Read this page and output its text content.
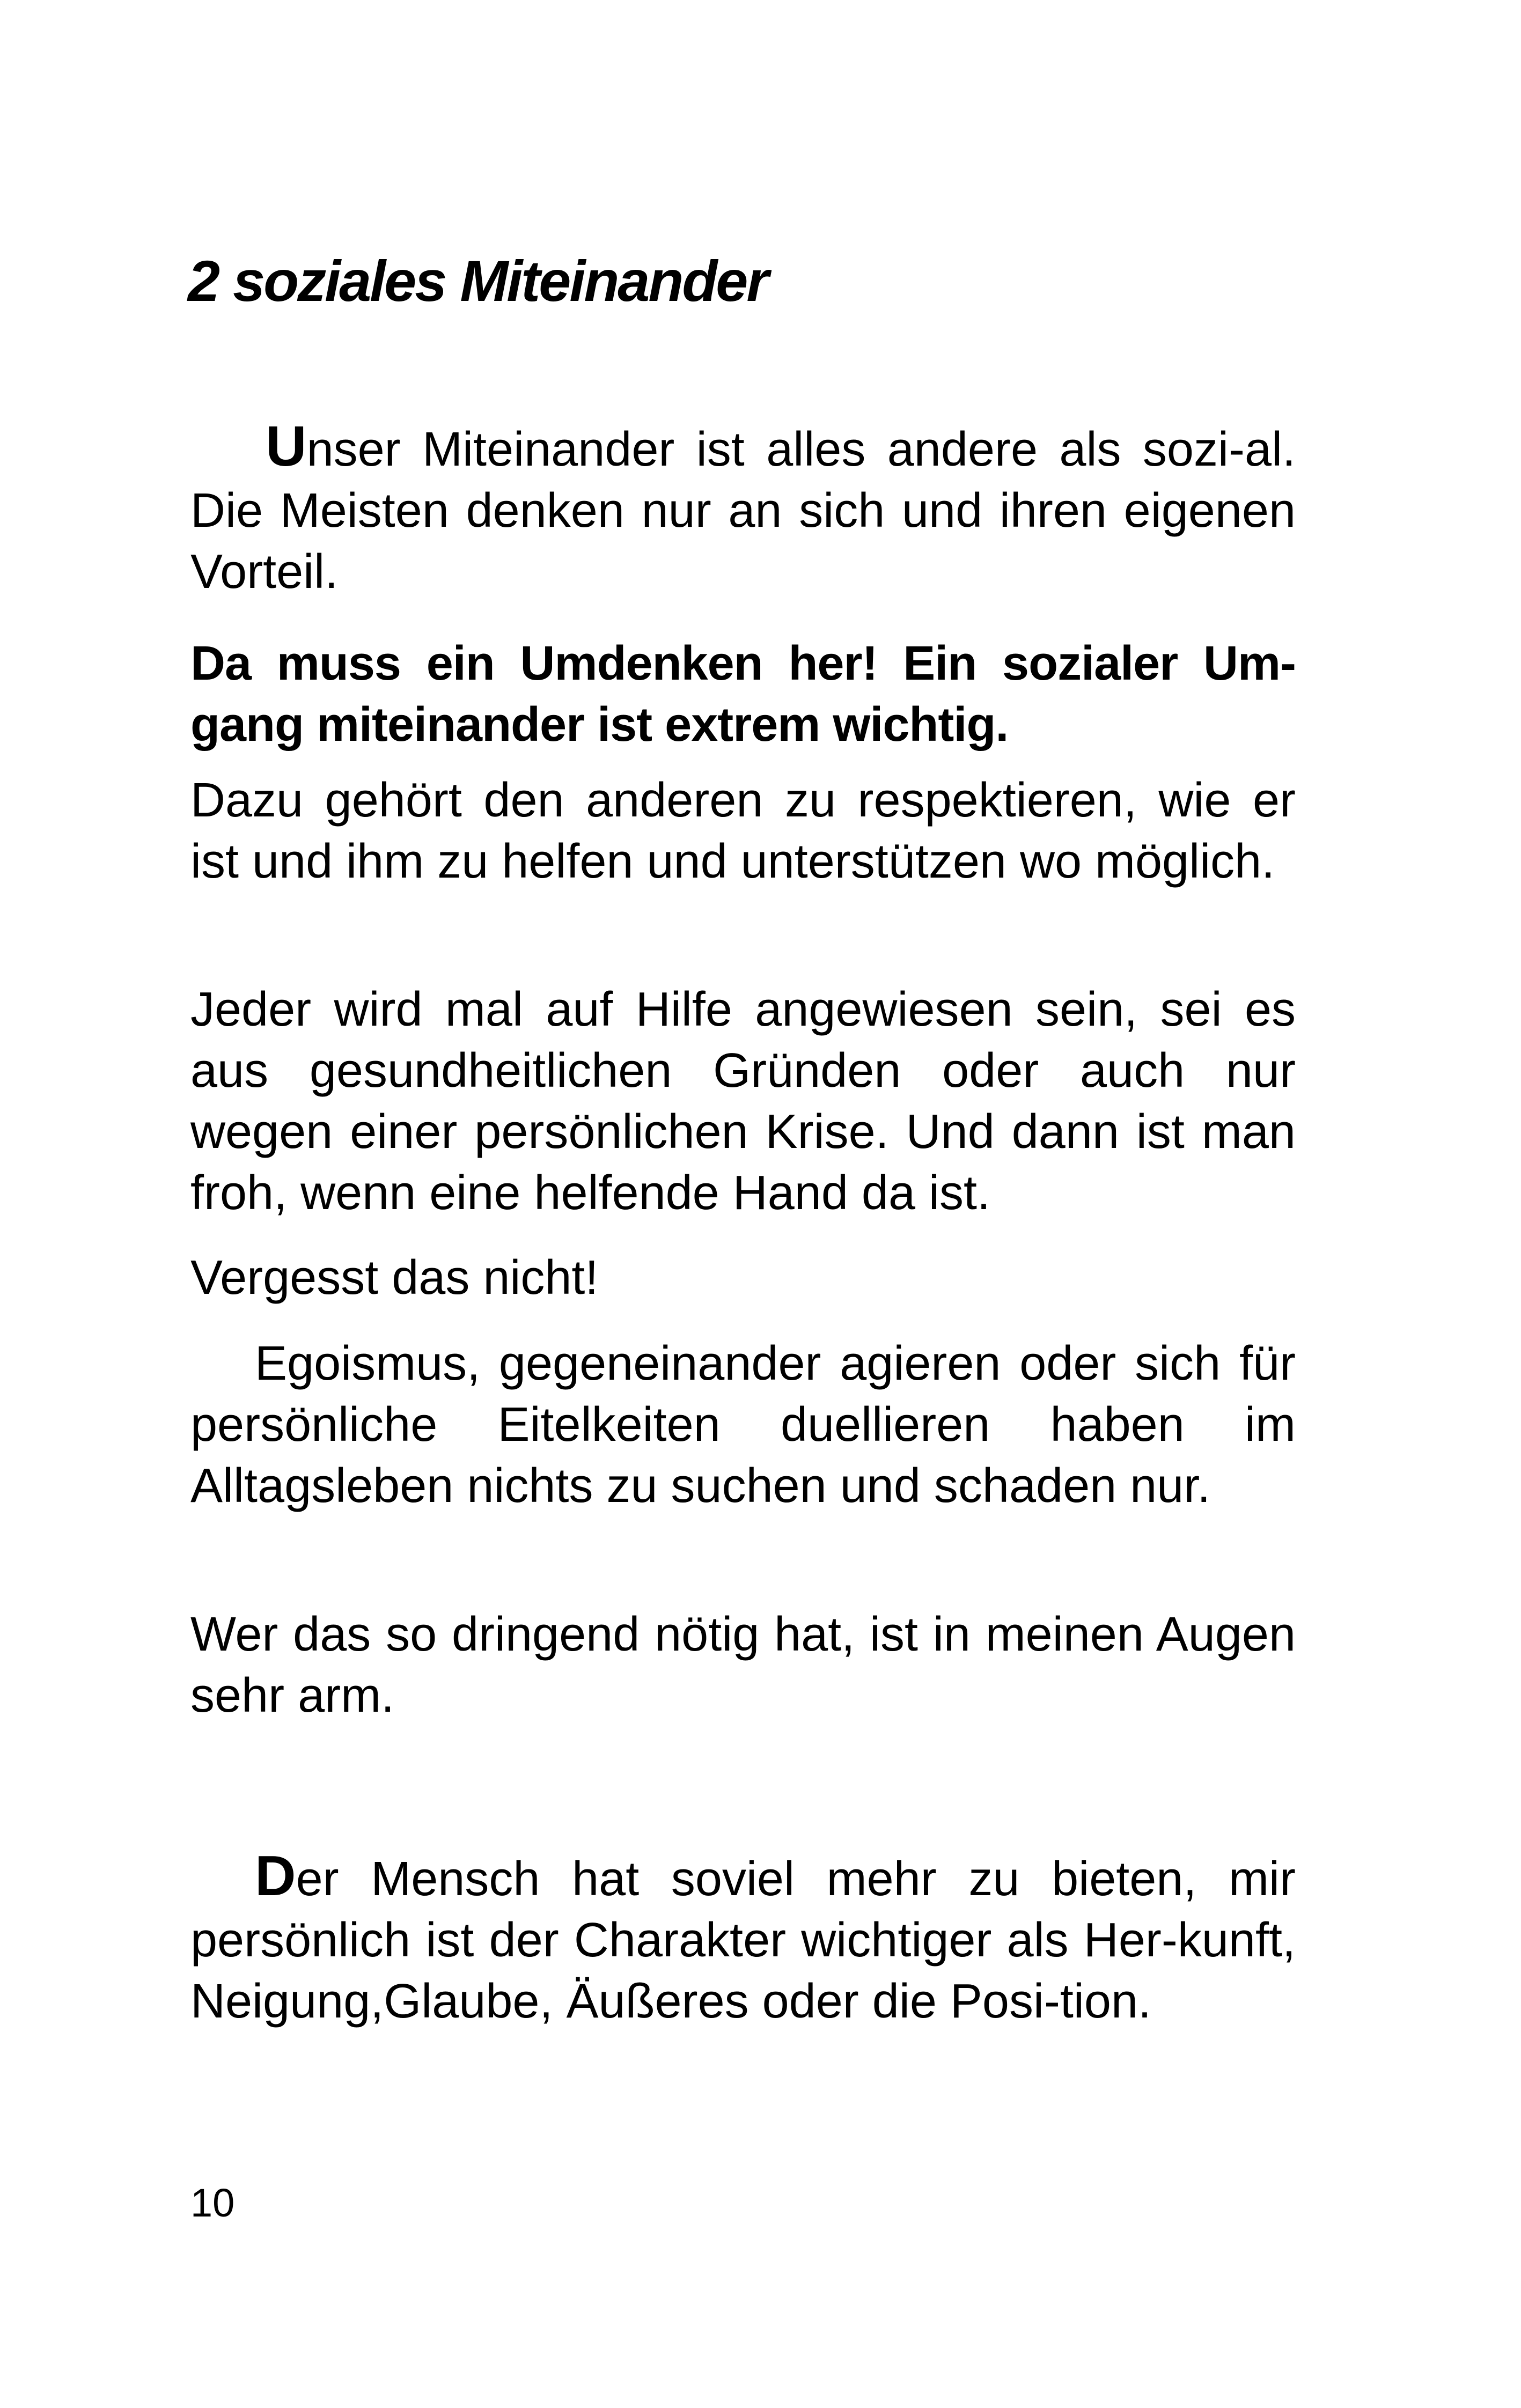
2 soziales Miteinander

Unser Miteinander ist alles andere als sozi-al. Die Meisten denken nur an sich und ihren eigenen Vorteil.

Da muss ein Umdenken her! Ein sozialer Um-gang miteinander ist extrem wichtig.

Dazu gehört den anderen zu respektieren, wie er ist und ihm zu helfen und unterstützen wo möglich.

Jeder wird mal auf Hilfe angewiesen sein, sei es aus gesundheitlichen Gründen oder auch nur wegen einer persönlichen Krise. Und dann ist man froh, wenn eine helfende Hand da ist.

Vergesst das nicht!

Egoismus, gegeneinander agieren oder sich für persönliche Eitelkeiten duellieren haben im Alltagsleben nichts zu suchen und schaden nur.

Wer das so dringend nötig hat, ist in meinen Augen sehr arm.

Der Mensch hat soviel mehr zu bieten, mir persönlich ist der Charakter wichtiger als Her-kunft, Neigung,Glaube, Äußeres oder die Posi-tion.

10
